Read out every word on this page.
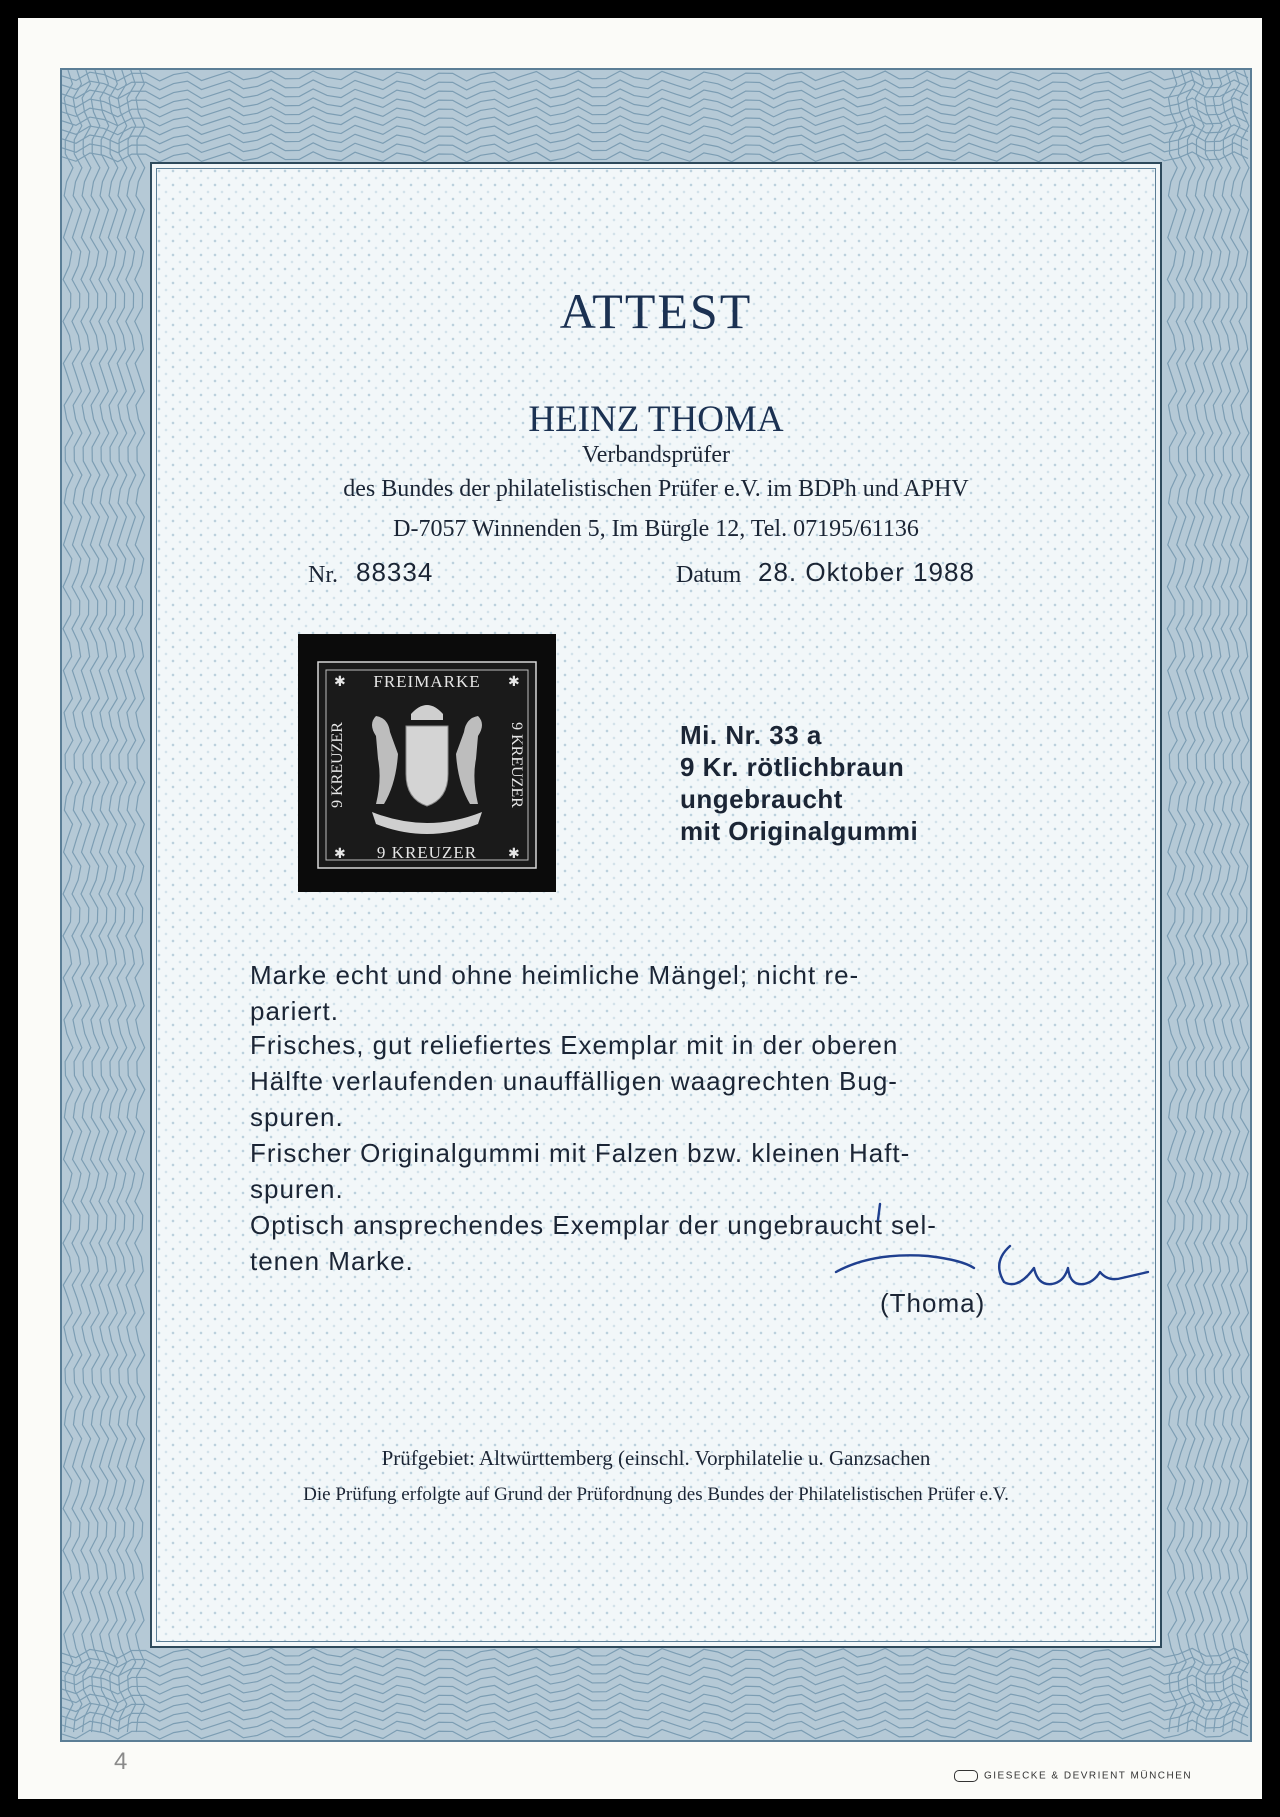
ATTEST
HEINZ THOMA
Verbandsprüfer
des Bundes der philatelistischen Prüfer e.V. im BDPh und APHV
D-7057 Winnenden 5, Im Bürgle 12, Tel. 07195/61136
Nr. 88334	Datum 28. Oktober 1988
FREIMARKE
9 KREUZER
9 KREUZER	9 KREUZER
✱	✱
✱	✱
Mi. Nr. 33 a
9 Kr. rötlichbraun
ungebraucht
mit Originalgummi
Marke echt und ohne heimliche Mängel; nicht re-
pariert.
Frisches, gut reliefiertes Exemplar mit in der oberen
Hälfte verlaufenden unauffälligen waagrechten Bug-
spuren.
Frischer Originalgummi mit Falzen bzw. kleinen Haft-
spuren.
Optisch ansprechendes Exemplar der ungebraucht sel-
tenen Marke.
(Thoma)
Prüfgebiet: Altwürttemberg (einschl. Vorphilatelie u. Ganzsachen
Die Prüfung erfolgte auf Grund der Prüfordnung des Bundes der Philatelistischen Prüfer e.V.
4
GIESECKE & DEVRIENT MÜNCHEN
